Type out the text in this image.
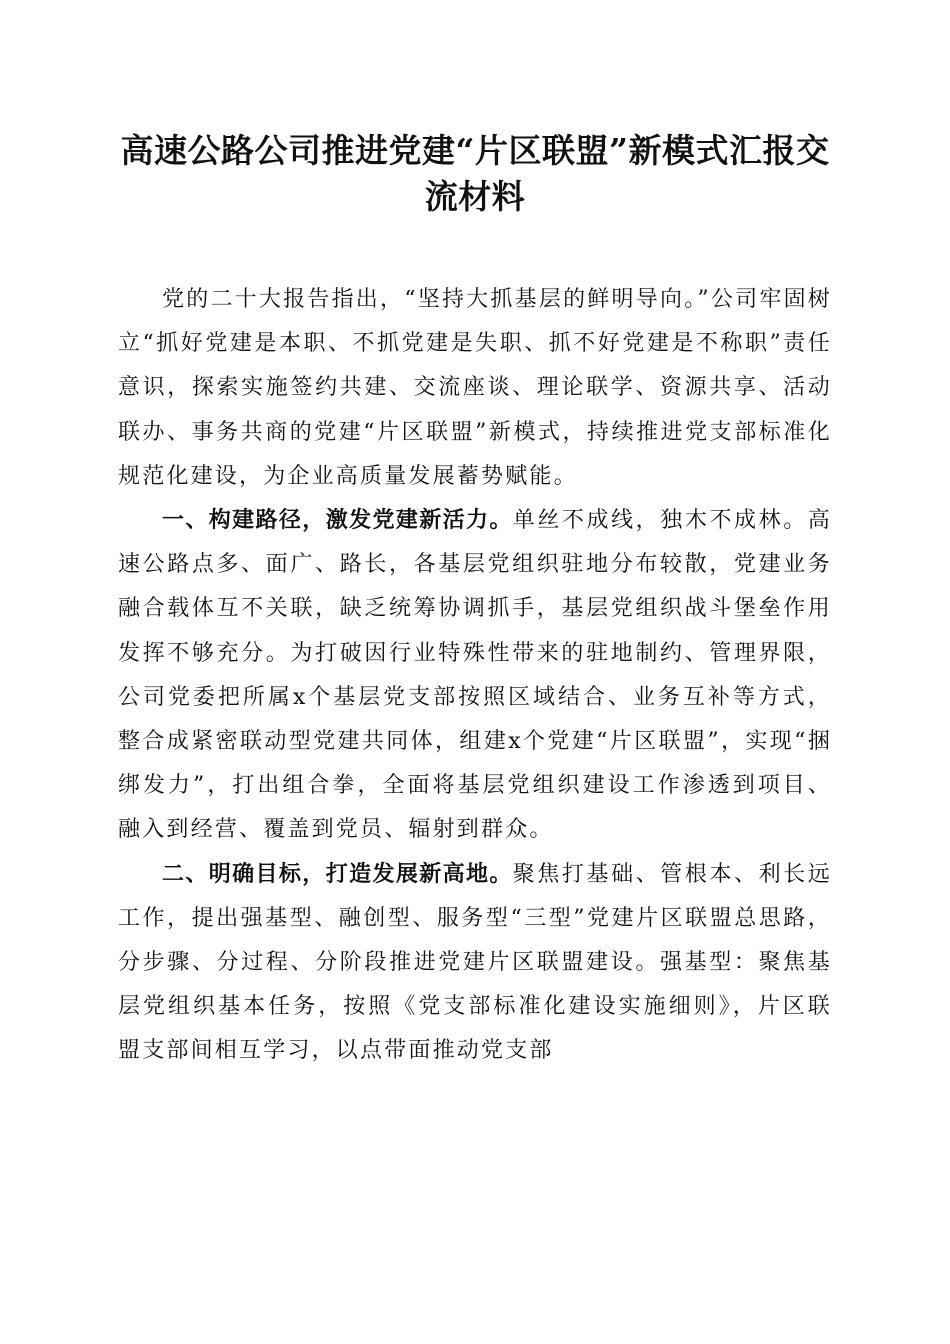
高速公路公司推进党建“片区联盟”新模式汇报交流材料

党的二十大报告指出，“坚持大抓基层的鲜明导向。”公司牢固树立“抓好党建是本职、不抓党建是失职、抓不好党建是不称职”责任意识，探索实施签约共建、交流座谈、理论联学、资源共享、活动联办、事务共商的党建“片区联盟”新模式，持续推进党支部标准化规范化建设，为企业高质量发展蓄势赋能。

一、构建路径，激发党建新活力。单丝不成线，独木不成林。高速公路点多、面广、路长，各基层党组织驻地分布较散，党建业务融合载体互不关联，缺乏统筹协调抓手，基层党组织战斗堡垒作用发挥不够充分。为打破因行业特殊性带来的驻地制约、管理界限，公司党委把所属x个基层党支部按照区域结合、业务互补等方式，整合成紧密联动型党建共同体，组建x个党建“片区联盟”，实现“捆绑发力”，打出组合拳，全面将基层党组织建设工作渗透到项目、融入到经营、覆盖到党员、辐射到群众。

二、明确目标，打造发展新高地。聚焦打基础、管根本、利长远工作，提出强基型、融创型、服务型“三型”党建片区联盟总思路，分步骤、分过程、分阶段推进党建片区联盟建设。强基型：聚焦基层党组织基本任务，按照《党支部标准化建设实施细则》，片区联盟支部间相互学习，以点带面推动党支部
